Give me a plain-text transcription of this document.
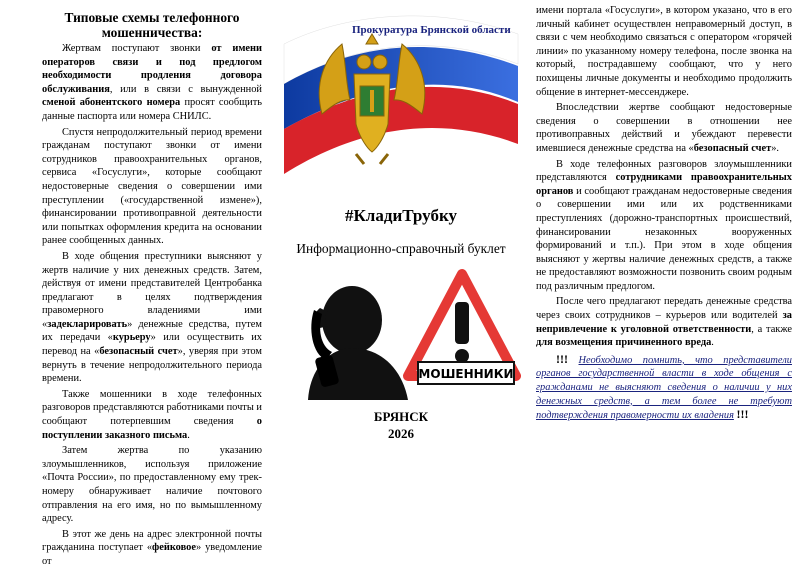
Типовые схемы телефонного мошенничества:

Жертвам поступают звонки от имени операторов связи и под предлогом необходимости продления договора обслуживания, или в связи с вынужденной сменой абонентского номера просят сообщить данные паспорта или номера СНИЛС.

Спустя непродолжительный период времени гражданам поступают звонки от имени сотрудников правоохранительных органов, сервиса «Госуслуги», которые сообщают недостоверные сведения о совершении ими преступлении («государственной измене»), финансировании противоправной деятельности или попытках оформления кредита на основании ранее сообщенных данных.

В ходе общения преступники выясняют у жертв наличие у них денежных средств. Затем, действуя от имени представителей Центробанка предлагают в целях подтверждения правомерного владениями ими «задекларировать» денежные средства, путем их передачи «курьеру» или осуществить их перевод на «безопасный счет», уверяя при этом вернуть в течение непродолжительного периода времени.

Также мошенники в ходе телефонных разговоров представляются работниками почты и сообщают потерпевшим сведения о поступлении заказного письма.

Затем жертва по указанию злоумышленников, используя приложение «Почта России», по предоставленному ему трек-номеру обнаруживает наличие почтового отправления на его имя, но по вымышленному адресу.

В этот же день на адрес электронной почты гражданина поступает «фейковое» уведомление от

Прокуратура Брянской области
#КладиТрубку
Информационно-справочный буклет
МОШЕННИКИ
БРЯНСК
2026

имени портала «Госуслуги», в котором указано, что в его личный кабинет осуществлен неправомерный доступ, в связи с чем необходимо связаться с оператором «горячей линии» по указанному номеру телефона, после звонка на который, пострадавшему сообщают, что у него похищены личные документы и необходимо продолжить общение в интернет-мессенджере.

Впоследствии жертве сообщают недостоверные сведения о совершении в отношении нее противоправных действий и убеждают перевести имевшиеся денежные средства на «безопасный счет».

В ходе телефонных разговоров злоумышленники представляются сотрудниками правоохранительных органов и сообщают гражданам недостоверные сведения о совершении ими или их родственниками преступлениях (дорожно-транспортных происшествий, финансировании незаконных вооруженных формирований и т.п.). При этом в ходе общения выясняют у жертвы наличие денежных средств, а также не предоставляют возможности позвонить своим родным под различным предлогом.

После чего предлагают передать денежные средства через своих сотрудников – курьеров или водителей за непривлечение к уголовной ответственности, а также для возмещения причиненного вреда.

!!! Необходимо помнить, что представители органов государственной власти в ходе общения с гражданами не выясняют сведения о наличии у них денежных средств, а тем более не требуют подтверждения правомерности их владения !!!
